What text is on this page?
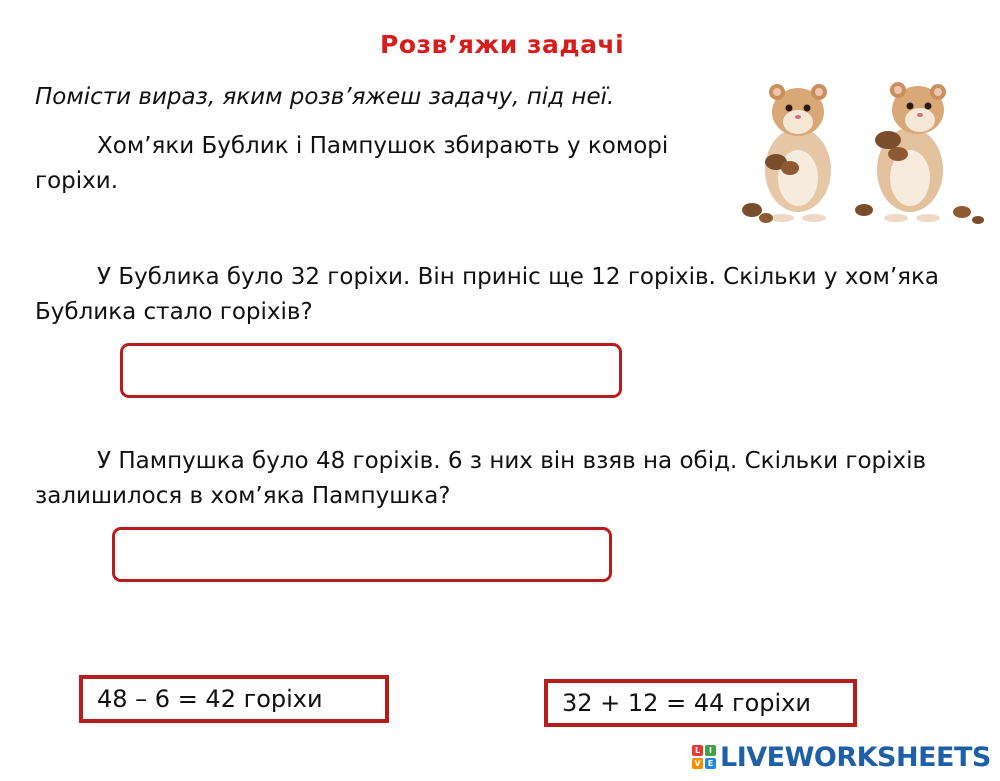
Розв’яжи задачі
Помісти вираз, яким розв’яжеш задачу, під неї.
Хом’яки Бублик і Пампушок збирають у коморі горіхи.
У Бублика було 32 горіхи. Він приніс ще 12 горіхів. Скільки у хом’яка Бублика стало горіхів?
У Пампушка було 48 горіхів. 6 з них він взяв на обід. Скільки горіхів залишилося в хом’яка Пампушка?
48 – 6 = 42 горіхи	32 + 12 = 44 горіхи
L	I
V E LIVEWORKSHEETS
